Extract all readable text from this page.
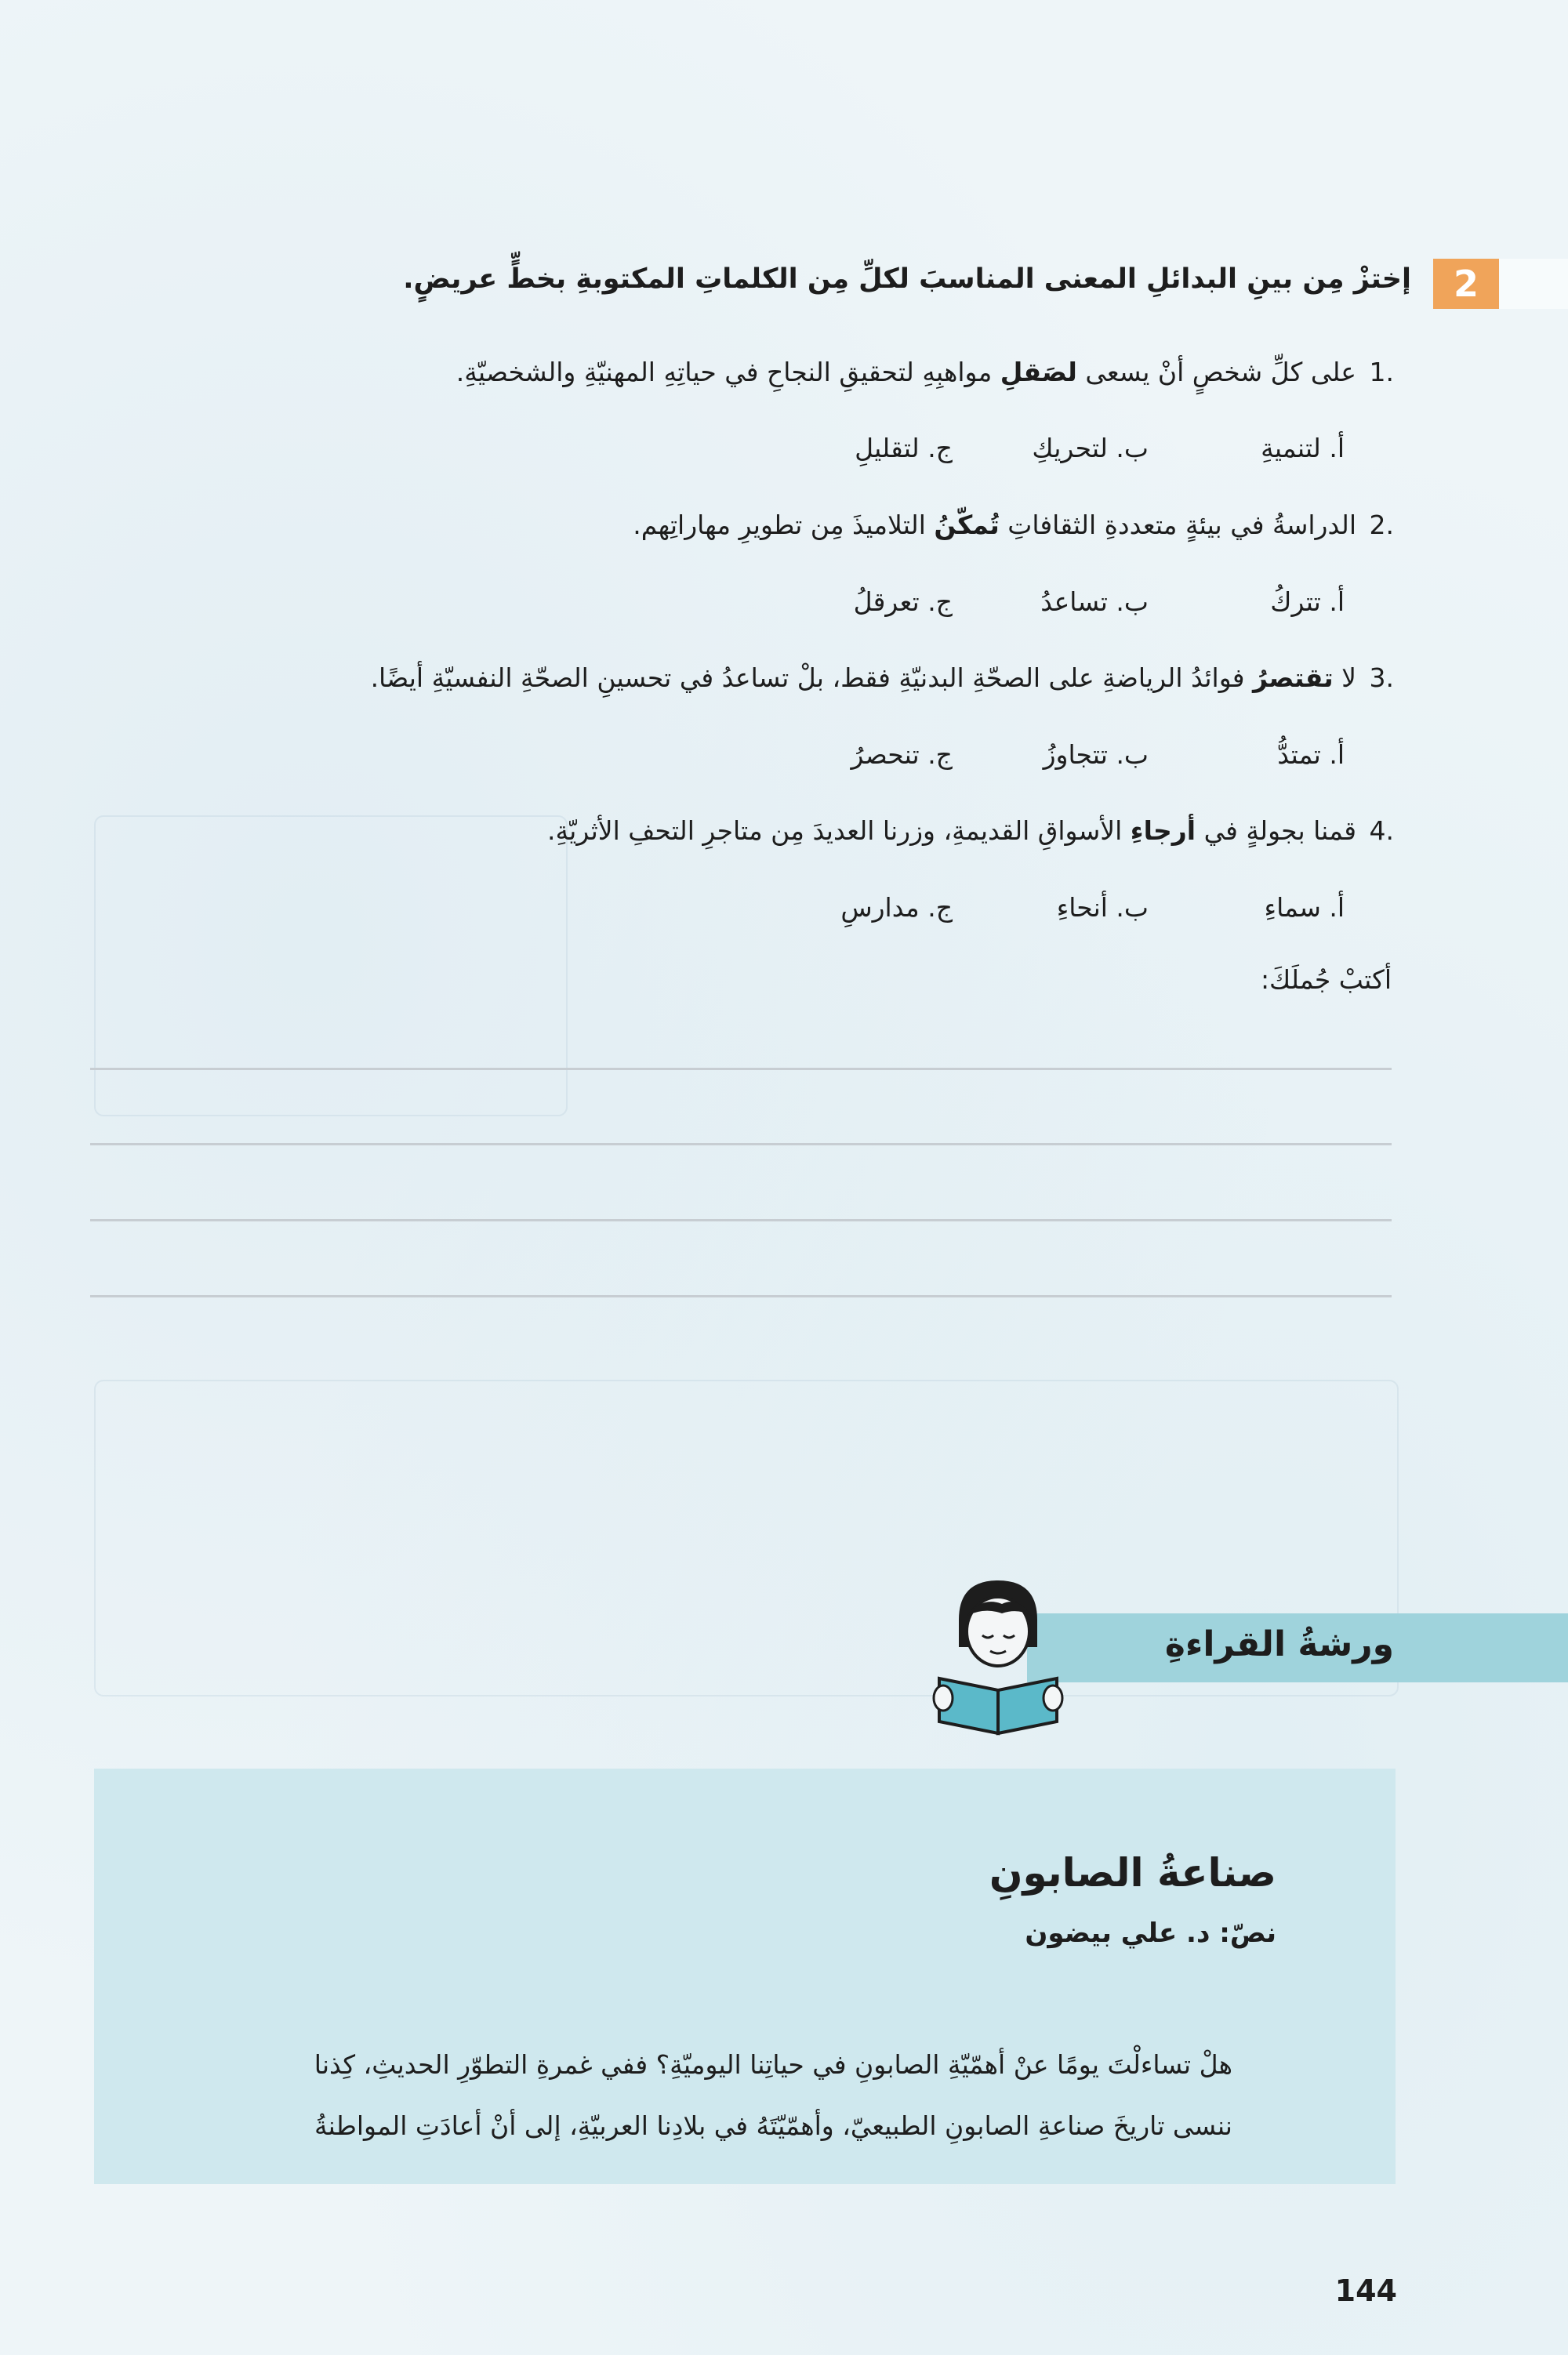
2
إختزْ مِن بينِ البدائلِ المعنى المناسبَ لكلِّ مِن الكلماتِ المكتوبةِ بخطٍّ عريضٍ.
.1على كلِّ شخصٍ أنْ يسعى لصَقلِ مواهبِهِ لتحقيقِ النجاحِ في حياتِهِ المهنيّةِ والشخصيّةِ.
أ. لتنميةِ
ب. لتحريكِ
ج. لتقليلِ
.2الدراسةُ في بيئةٍ متعددةِ الثقافاتِ تُمكّنُ التلاميذَ مِن تطويرِ مهاراتِهم.
أ. تتركُ
ب. تساعدُ
ج. تعرقلُ
.3لا تقتصرُ فوائدُ الرياضةِ على الصحّةِ البدنيّةِ فقط، بلْ تساعدُ في تحسينِ الصحّةِ النفسيّةِ أيضًا.
أ. تمتدُّ
ب. تتجاوزُ
ج. تنحصرُ
.4قمنا بجولةٍ في أرجاءِ الأسواقِ القديمةِ، وزرنا العديدَ مِن متاجرِ التحفِ الأثريّةِ.
أ. سماءِ
ب. أنحاءِ
ج. مدارسِ
أكتبْ جُملَكَ:
ورشةُ القراءةِ
صناعةُ الصابونِ
نصّ: د. علي بيضون
هلْ تساءلْتَ يومًا عنْ أهمّيّةِ الصابونِ في حياتِنا اليوميّةِ؟ ففي غمرةِ التطوّرِ الحديثِ، كِذنا
ننسى تاريخَ صناعةِ الصابونِ الطبيعيّ، وأهمّيّتَهُ في بلادِنا العربيّةِ، إلى أنْ أعادَتِ المواطنةُ
144
